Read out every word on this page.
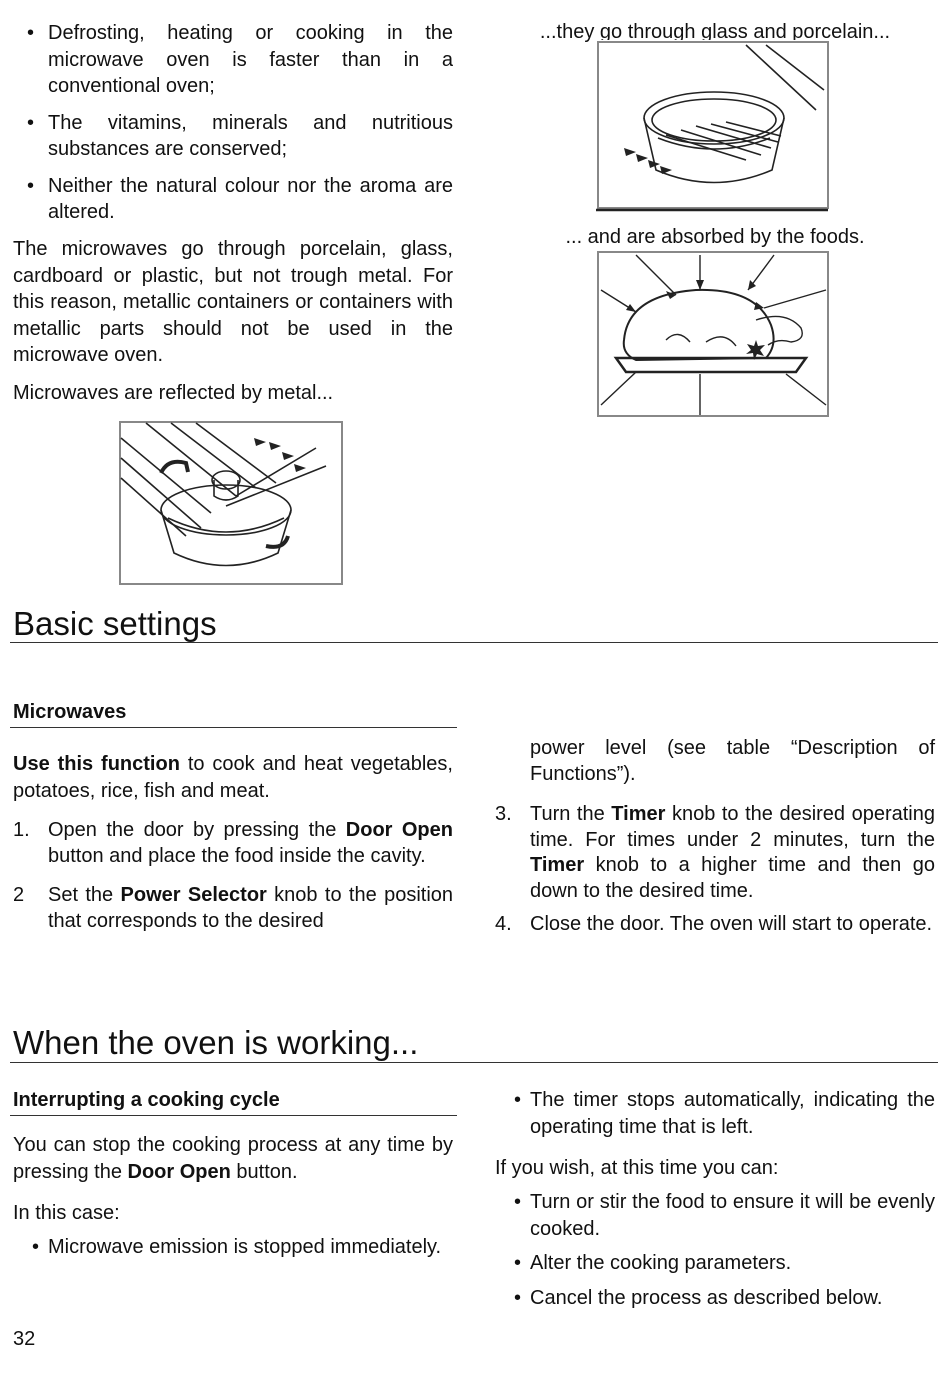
• Defrosting, heating or cooking in the microwave oven is faster than in a conventional oven;
• The vitamins, minerals and nutritious substances are conserved;
• Neither the natural colour nor the aroma are altered.

The microwaves go through porcelain, glass, cardboard or plastic, but not trough metal. For this reason, metallic containers or containers with metallic parts should not be used in the microwave oven.

Microwaves are reflected by metal...

...they go through glass and porcelain...
... and are absorbed by the foods.
Basic settings
Microwaves

Use this function to cook and heat vegetables, potatoes, rice, fish and meat.

1. Open the door by pressing the Door Open button and place the food inside the cavity.
2 Set the Power Selector knob to the position that corresponds to the desired

power level (see table “Description of Functions”).

3. Turn the Timer knob to the desired operating time. For times under 2 minutes, turn the Timer knob to a higher time and then go down to the desired time.
4. Close the door. The oven will start to operate.
When the oven is working...
Interrupting a cooking cycle

You can stop the cooking process at any time by pressing the Door Open button.

In this case:

• Microwave emission is stopped immediately.
• The timer stops automatically, indicating the operating time that is left.

If you wish, at this time you can:

• Turn or stir the food to ensure it will be evenly cooked.
• Alter the cooking parameters.
• Cancel the process as described below.
32
